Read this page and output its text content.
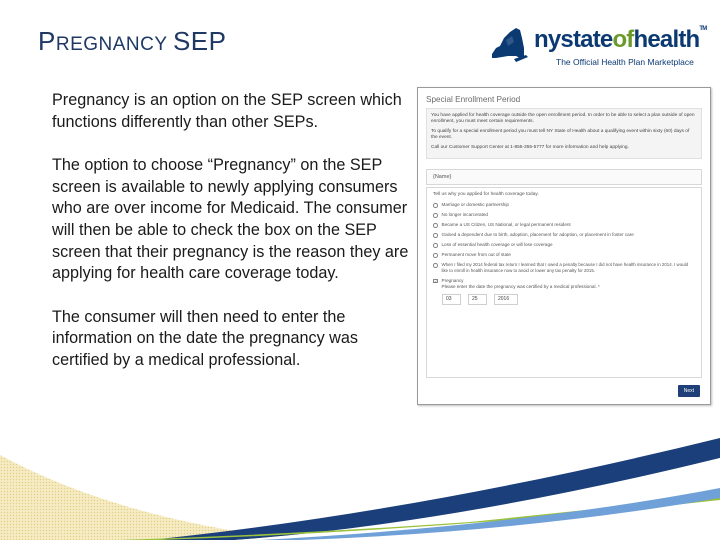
PREGNANCY SEP	nystateofhealth™
The Official Health Plan Marketplace

Pregnancy is an option on the SEP screen which functions differently than other SEPs.

The option to choose “Pregnancy” on the SEP screen is available to newly applying consumers who are over income for Medicaid. The consumer will then be able to check the box on the SEP screen that their pregnancy is the reason they are applying for health care coverage today.

The consumer will then need to enter the information on the date the pregnancy was certified by a medical professional.

Special Enrollment Period

You have applied for health coverage outside the open enrollment period. In order to be able to select a plan outside of open enrollment, you must meet certain requirements.

To qualify for a special enrollment period you must tell NY State of Health about a qualifying event within sixty (60) days of the event.

Call our Customer Support Center at 1-855-355-5777 for more information and help applying.

{Name}
Tell us why you applied for health coverage today.
Marriage or domestic partnership
No longer incarcerated
Became a US Citizen, US National, or legal permanent resident
Gained a dependent due to birth, adoption, placement for adoption, or placement in foster care
Loss of essential health coverage or will lose coverage
Permanent move from out of state
When I filed my 2014 federal tax return I learned that I owed a penalty because I did not have health insurance in 2014. I would like to enroll in health insurance now to avoid or lower any tax penalty for 2015.
✓ Pregnancy
Please enter the date the pregnancy was certified by a medical professional. *
03	25	2016
Next
